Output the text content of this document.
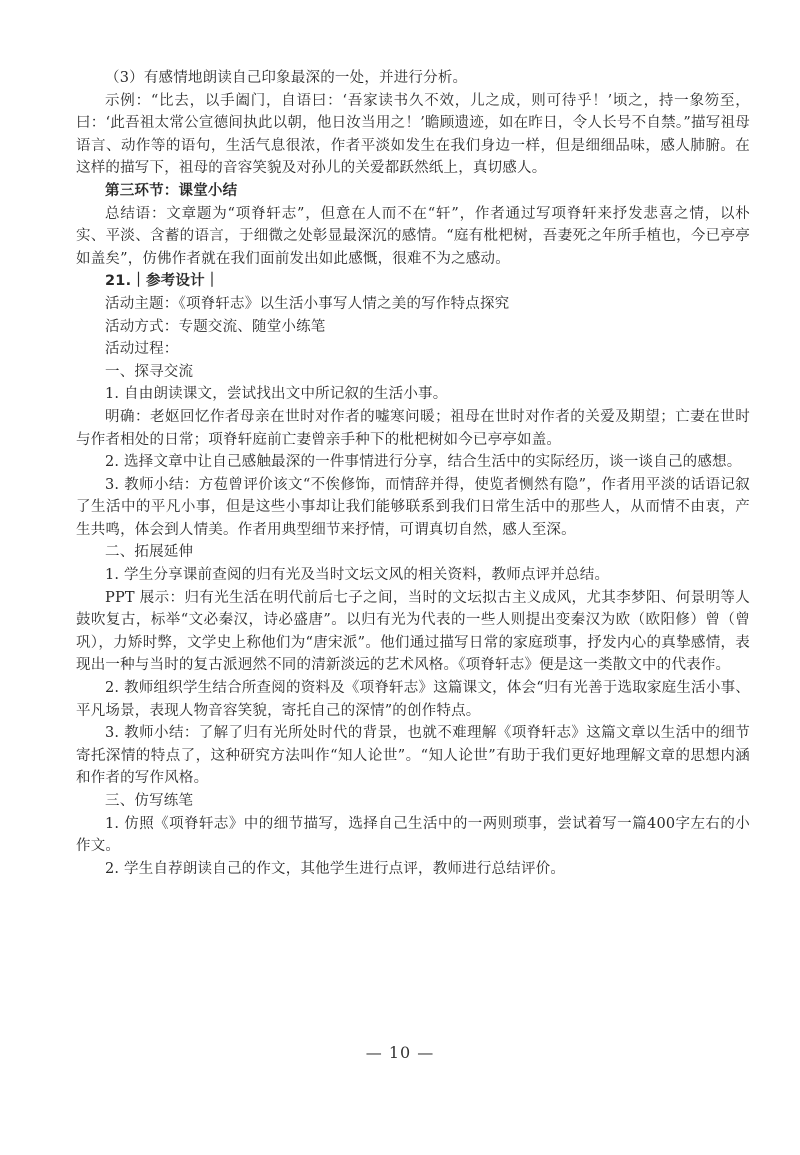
（3）有感情地朗读自己印象最深的一处，并进行分析。

示例：“比去，以手阖门，自语曰：‘吾家读书久不效，儿之成，则可待乎！’顷之，持一象笏至，曰：‘此吾祖太常公宣德间执此以朝，他日汝当用之！’瞻顾遗迹，如在昨日，令人长号不自禁。”描写祖母语言、动作等的语句，生活气息很浓，作者平淡如发生在我们身边一样，但是细细品味，感人肺腑。在这样的描写下，祖母的音容笑貌及对孙儿的关爱都跃然纸上，真切感人。

第三环节：课堂小结

总结语：文章题为“项脊轩志”，但意在人而不在“轩”，作者通过写项脊轩来抒发悲喜之情，以朴实、平淡、含蓄的语言，于细微之处彰显最深沉的感情。“庭有枇杷树，吾妻死之年所手植也，今已亭亭如盖矣”，仿佛作者就在我们面前发出如此感慨，很难不为之感动。

21.｜参考设计｜

活动主题：《项脊轩志》以生活小事写人情之美的写作特点探究

活动方式：专题交流、随堂小练笔

活动过程：

一、探寻交流

1. 自由朗读课文，尝试找出文中所记叙的生活小事。

明确：老妪回忆作者母亲在世时对作者的嘘寒问暖；祖母在世时对作者的关爱及期望；亡妻在世时与作者相处的日常；项脊轩庭前亡妻曾亲手种下的枇杷树如今已亭亭如盖。

2. 选择文章中让自己感触最深的一件事情进行分享，结合生活中的实际经历，谈一谈自己的感想。

3. 教师小结：方苞曾评价该文“不俟修饰，而情辞并得，使览者恻然有隐”，作者用平淡的话语记叙了生活中的平凡小事，但是这些小事却让我们能够联系到我们日常生活中的那些人，从而情不由衷，产生共鸣，体会到人情美。作者用典型细节来抒情，可谓真切自然，感人至深。

二、拓展延伸

1. 学生分享课前查阅的归有光及当时文坛文风的相关资料，教师点评并总结。

PPT 展示：归有光生活在明代前后七子之间，当时的文坛拟古主义成风，尤其李梦阳、何景明等人鼓吹复古，标举“文必秦汉，诗必盛唐”。以归有光为代表的一些人则提出变秦汉为欧（欧阳修）曾（曾巩），力矫时弊，文学史上称他们为“唐宋派”。他们通过描写日常的家庭琐事，抒发内心的真挚感情，表现出一种与当时的复古派迥然不同的清新淡远的艺术风格。《项脊轩志》便是这一类散文中的代表作。

2. 教师组织学生结合所查阅的资料及《项脊轩志》这篇课文，体会“归有光善于选取家庭生活小事、平凡场景，表现人物音容笑貌，寄托自己的深情”的创作特点。

3. 教师小结：了解了归有光所处时代的背景，也就不难理解《项脊轩志》这篇文章以生活中的细节寄托深情的特点了，这种研究方法叫作“知人论世”。“知人论世”有助于我们更好地理解文章的思想内涵和作者的写作风格。

三、仿写练笔

1. 仿照《项脊轩志》中的细节描写，选择自己生活中的一两则琐事，尝试着写一篇400字左右的小作文。

2. 学生自荐朗读自己的作文，其他学生进行点评，教师进行总结评价。

— 10 —
